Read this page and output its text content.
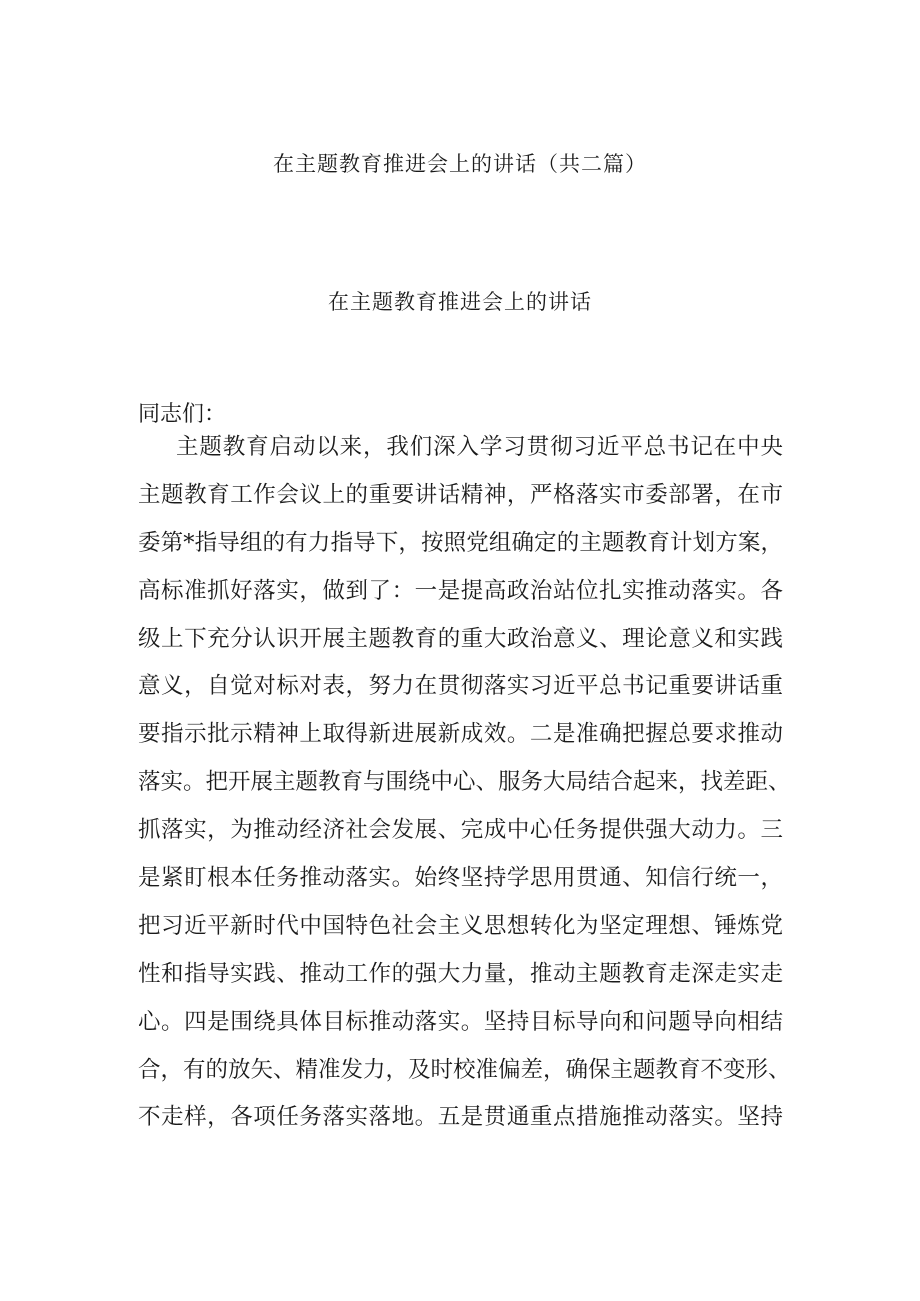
在主题教育推进会上的讲话（共二篇）
在主题教育推进会上的讲话
同志们：
主题教育启动以来，我们深入学习贯彻习近平总书记在中央
主题教育工作会议上的重要讲话精神，严格落实市委部署，在市
委第*指导组的有力指导下，按照党组确定的主题教育计划方案，
高标准抓好落实，做到了：一是提高政治站位扎实推动落实。各
级上下充分认识开展主题教育的重大政治意义、理论意义和实践
意义，自觉对标对表，努力在贯彻落实习近平总书记重要讲话重
要指示批示精神上取得新进展新成效。二是准确把握总要求推动
落实。把开展主题教育与围绕中心、服务大局结合起来，找差距、
抓落实，为推动经济社会发展、完成中心任务提供强大动力。三
是紧盯根本任务推动落实。始终坚持学思用贯通、知信行统一，
把习近平新时代中国特色社会主义思想转化为坚定理想、锤炼党
性和指导实践、推动工作的强大力量，推动主题教育走深走实走
心。四是围绕具体目标推动落实。坚持目标导向和问题导向相结
合，有的放矢、精准发力，及时校准偏差，确保主题教育不变形、
不走样，各项任务落实落地。五是贯通重点措施推动落实。坚持
